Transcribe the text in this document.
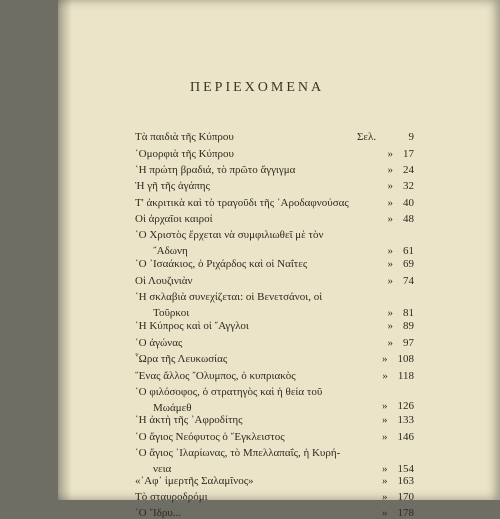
ΠΕΡΙΕΧΟΜΕΝΑ
Σελ.
Τὰ παιδιὰ τῆς Κύπρου	9
῾Ομορφιὰ τῆς Κύπρου	» 17
῾Η πρώτη βραδιά, τὸ πρῶτο ἄγγιγμα	» 24
Ἡ γῆ τῆς ἀγάπης	» 32
Τ' ἀκριτικὰ καὶ τὸ τραγοῦδι τῆς ᾿Αροδαφνούσας	» 40
Οἱ ἀρχαῖοι καιροί	» 48
῾Ο Χριστὸς ἔρχεται νὰ συμφιλιωθεῖ μὲ τὸν
῎Αδωνη	» 61
῾Ο ᾿Ισαάκιος, ὁ Ριχάρδος καὶ οἱ Ναΐτες	» 69
Οἱ Λουζινιὰν	» 74
῾Η σκλαβιὰ συνεχίζεται: οἱ Βενετσάνοι, οἱ
Τοῦρκοι	» 81
῾Η Κύπρος καὶ οἱ ῎Αγγλοι	» 89
῾Ο ἀγώνας	» 97
῟Ωρα τῆς Λευκωσίας	» 108
῞Ενας ἄλλος ῎Ολυμπος, ὁ κυπριακὸς	» 118
῾Ο φιλόσοφος, ὁ στρατηγὸς καὶ ἡ θεία τοῦ
Μωάμεθ	» 126
῾Η ἀκτὴ τῆς ᾿Αφροδίτης	» 133
῾Ο ἅγιος Νεόφυτος ὁ ῎Εγκλειστος	» 146
῾Ο ἅγιος ᾿Ιλαρίωνας, τὸ Μπελλαπαΐς, ἡ Κυρή-
νεια	» 154
«᾿Αφ᾿ ἱμερτῆς Σαλαμῖνος»	» 163
Τὸ σταυροδρόμι	» 170
῾Ο ῞Ιδρυ...	» 178
